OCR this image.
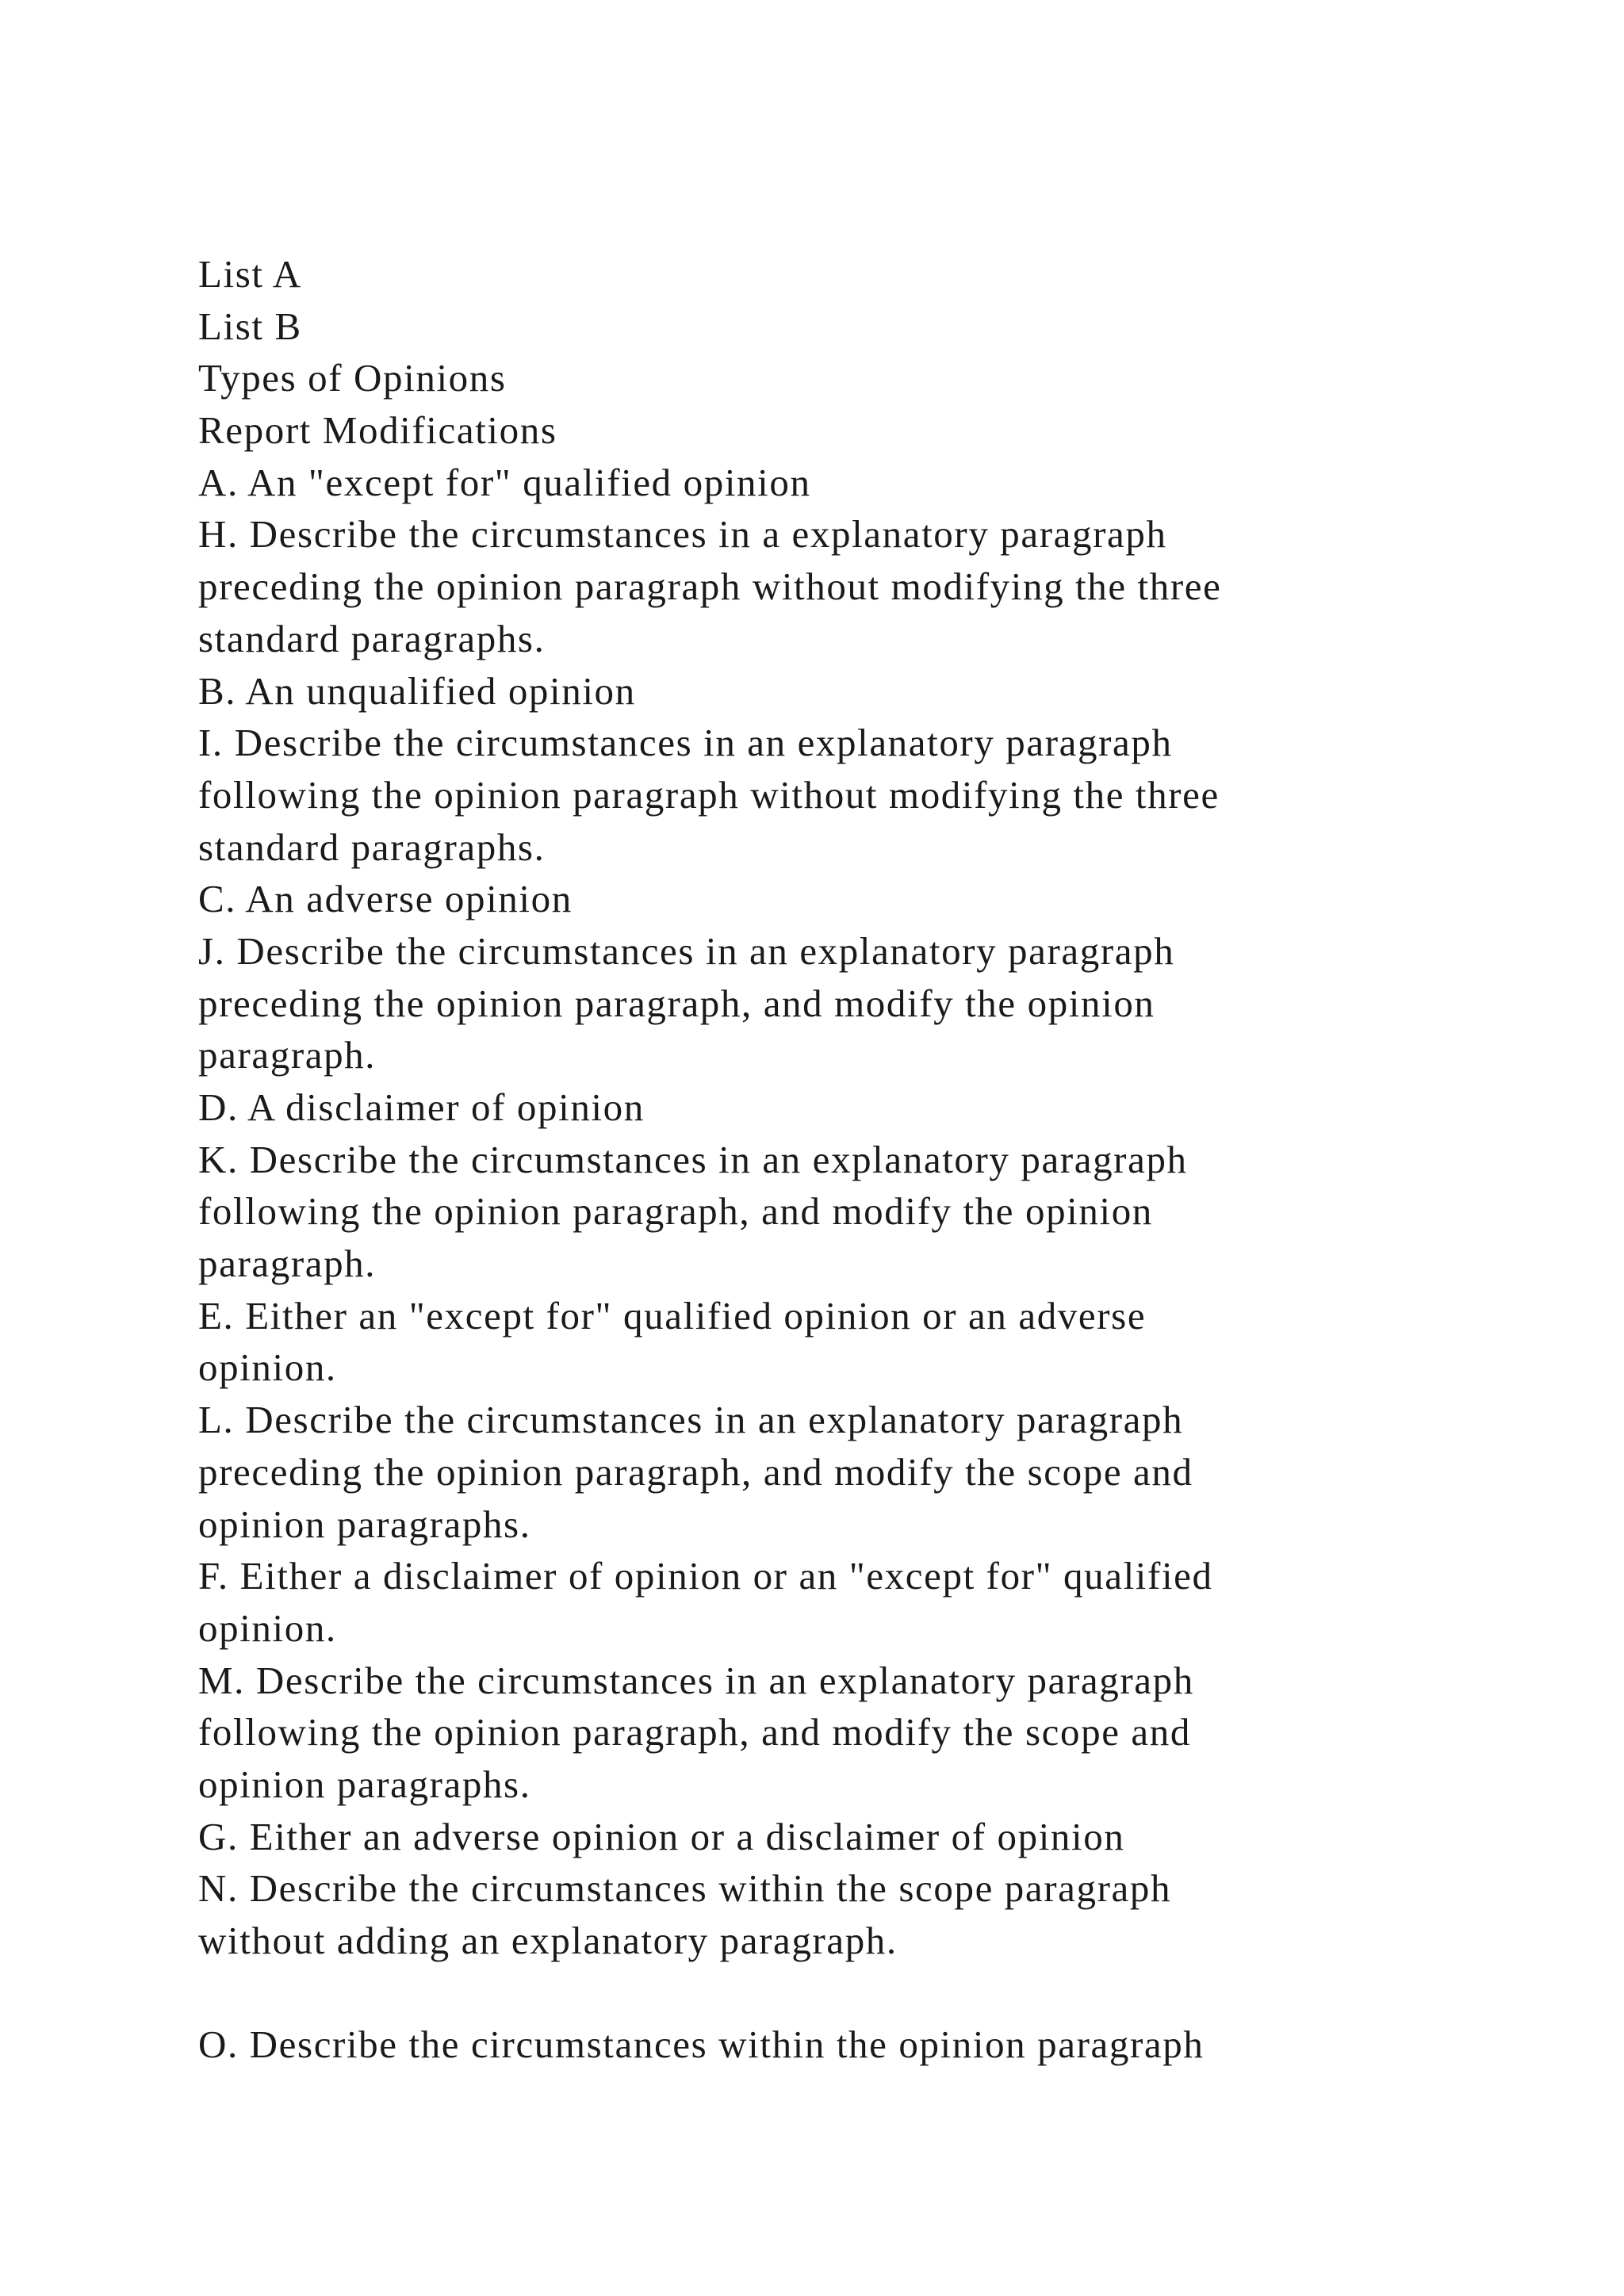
List A
List B
Types of Opinions
Report Modifications
A. An "except for" qualified opinion
H. Describe the circumstances in a explanatory paragraph
preceding the opinion paragraph without modifying the three
standard paragraphs.
B. An unqualified opinion
I. Describe the circumstances in an explanatory paragraph
following the opinion paragraph without modifying the three
standard paragraphs.
C. An adverse opinion
J. Describe the circumstances in an explanatory paragraph
preceding the opinion paragraph, and modify the opinion
paragraph.
D. A disclaimer of opinion
K. Describe the circumstances in an explanatory paragraph
following the opinion paragraph, and modify the opinion
paragraph.
E. Either an "except for" qualified opinion or an adverse
opinion.
L. Describe the circumstances in an explanatory paragraph
preceding the opinion paragraph, and modify the scope and
opinion paragraphs.
F. Either a disclaimer of opinion or an "except for" qualified
opinion.
M. Describe the circumstances in an explanatory paragraph
following the opinion paragraph, and modify the scope and
opinion paragraphs.
G. Either an adverse opinion or a disclaimer of opinion
N. Describe the circumstances within the scope paragraph
without adding an explanatory paragraph.
O. Describe the circumstances within the opinion paragraph
